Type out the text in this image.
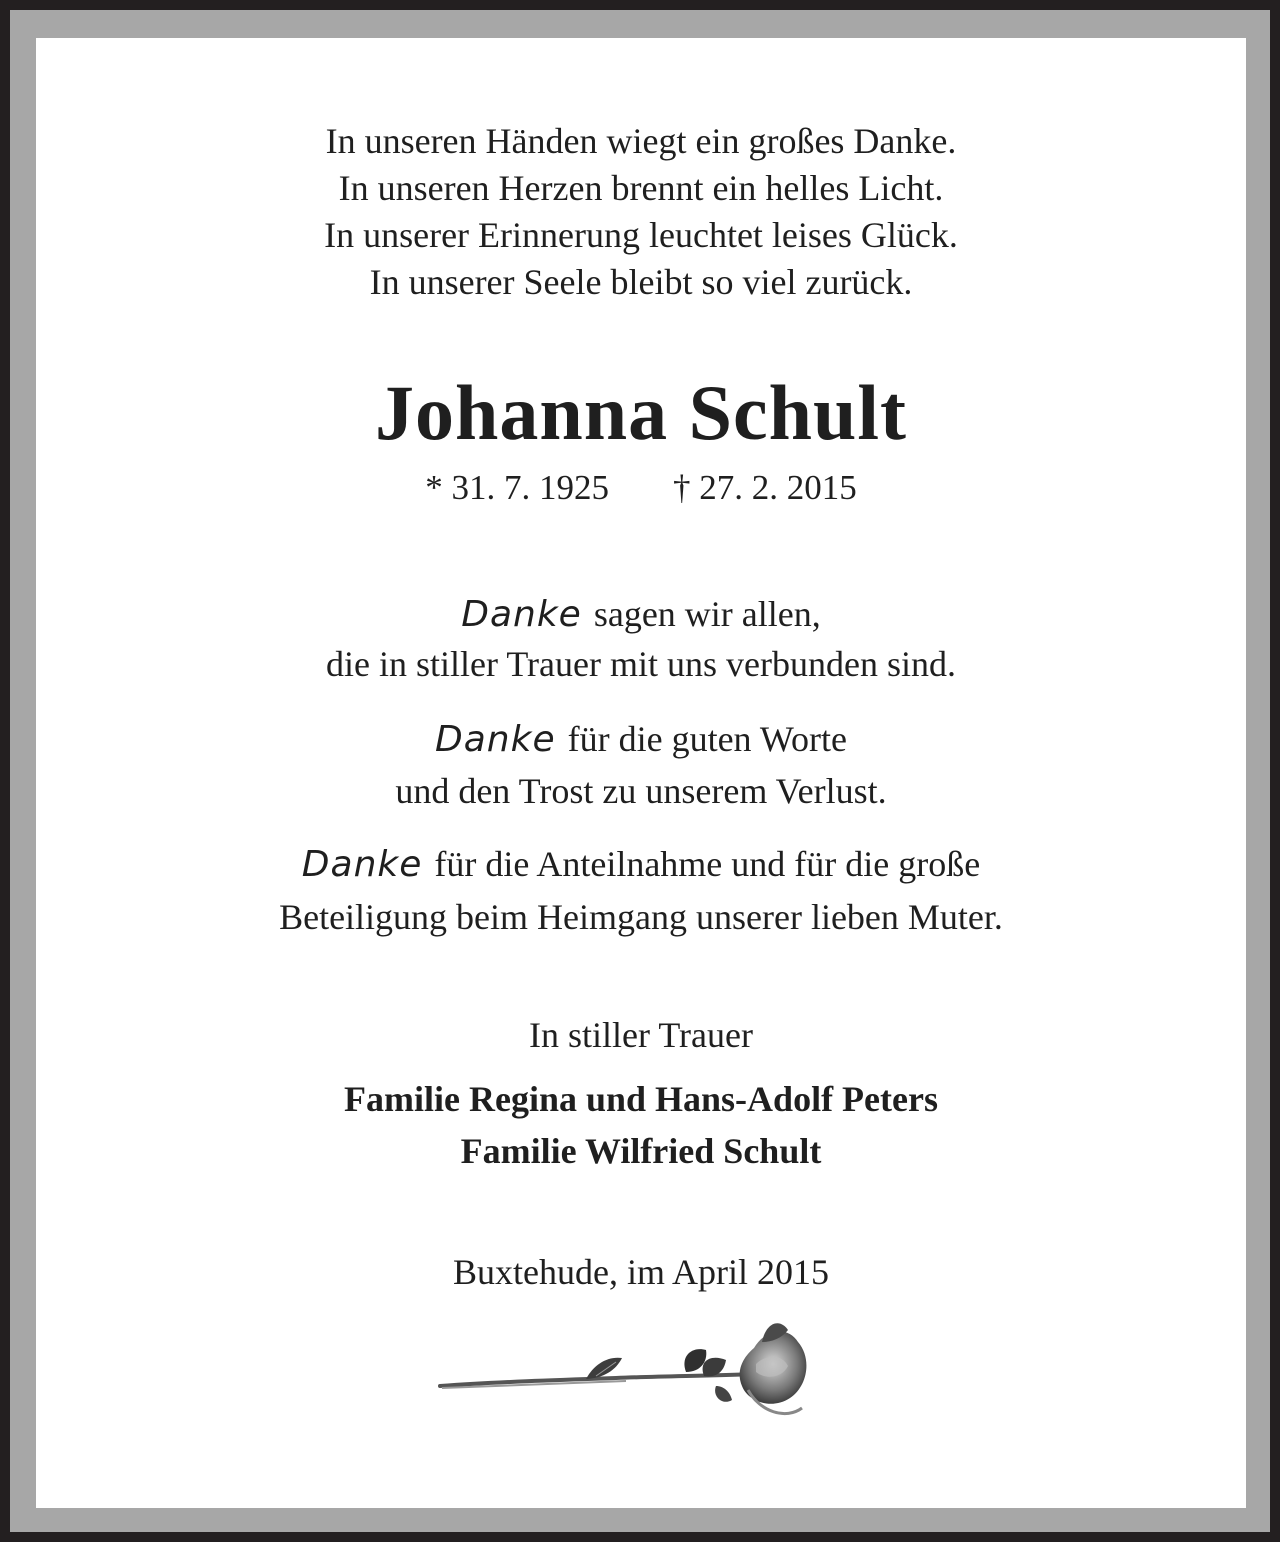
In unseren Händen wiegt ein großes Danke.
In unseren Herzen brennt ein helles Licht.
In unserer Erinnerung leuchtet leises Glück.
In unserer Seele bleibt so viel zurück.
Johanna Schult
* 31. 7. 1925 † 27. 2. 2015
Danke sagen wir allen,
die in stiller Trauer mit uns verbunden sind.
Danke für die guten Worte
und den Trost zu unserem Verlust.
Danke für die Anteilnahme und für die große
Beteiligung beim Heimgang unserer lieben Muter.
In stiller Trauer
Familie Regina und Hans-Adolf Peters
Familie Wilfried Schult
Buxtehude, im April 2015
